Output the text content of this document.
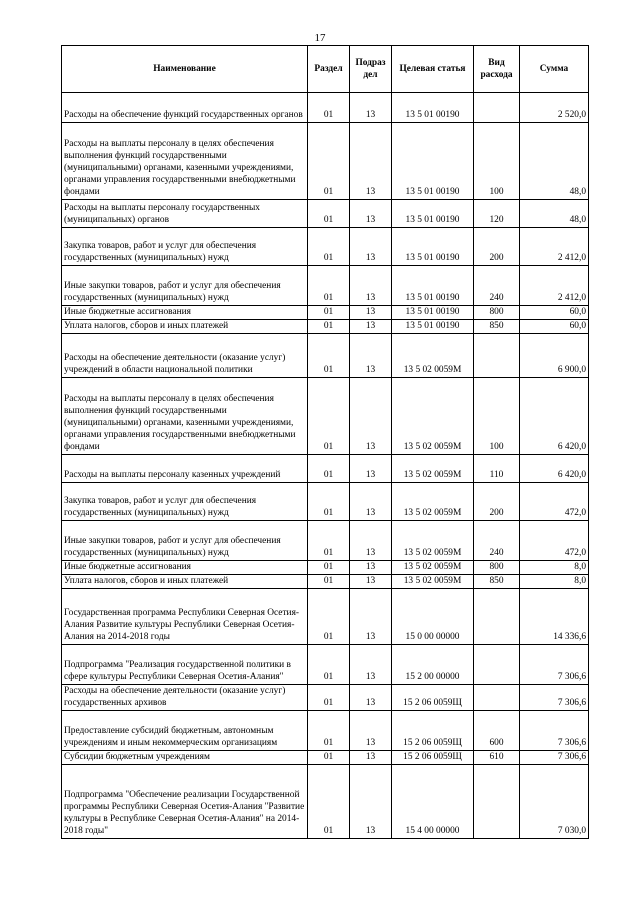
17
Наименование	Раздел	Подраз дел	Целевая статья	Вид расхода	Сумма
Расходы на обеспечение функций государственных органов	01	13	13 5 01 00190		2 520,0
Расходы на выплаты персоналу в целях обеспечения выполнения функций государственными (муниципальными) органами, казенными учреждениями, органами управления государственными внебюджетными фондами	01	13	13 5 01 00190	100	48,0
Расходы на выплаты персоналу государственных (муниципальных) органов	01	13	13 5 01 00190	120	48,0
Закупка товаров, работ и услуг для обеспечения государственных (муниципальных) нужд	01	13	13 5 01 00190	200	2 412,0
Иные закупки товаров, работ и услуг для обеспечения государственных (муниципальных) нужд	01	13	13 5 01 00190	240	2 412,0
Иные бюджетные ассигнования	01	13	13 5 01 00190	800	60,0
Уплата налогов, сборов и иных платежей	01	13	13 5 01 00190	850	60,0
Расходы на обеспечение деятельности (оказание услуг) учреждений в области национальной политики	01	13	13 5 02 0059М		6 900,0
Расходы на выплаты персоналу в целях обеспечения выполнения функций государственными (муниципальными) органами, казенными учреждениями, органами управления государственными внебюджетными фондами	01	13	13 5 02 0059М	100	6 420,0
Расходы на выплаты персоналу казенных учреждений	01	13	13 5 02 0059М	110	6 420,0
Закупка товаров, работ и услуг для обеспечения государственных (муниципальных) нужд	01	13	13 5 02 0059М	200	472,0
Иные закупки товаров, работ и услуг для обеспечения государственных (муниципальных) нужд	01	13	13 5 02 0059М	240	472,0
Иные бюджетные ассигнования	01	13	13 5 02 0059М	800	8,0
Уплата налогов, сборов и иных платежей	01	13	13 5 02 0059М	850	8,0
Государственная программа Республики Северная Осетия-Алания Развитие культуры Республики Северная Осетия-Алания на 2014-2018 годы	01	13	15 0 00 00000		14 336,6
Подпрограмма "Реализация государственной политики в сфере культуры Республики Северная Осетия-Алания"	01	13	15 2 00 00000		7 306,6
Расходы на обеспечение деятельности (оказание услуг) государственных архивов	01	13	15 2 06 0059Щ		7 306,6
Предоставление субсидий бюджетным, автономным учреждениям и иным некоммерческим организациям	01	13	15 2 06 0059Щ	600	7 306,6
Субсидии бюджетным учреждениям	01	13	15 2 06 0059Щ	610	7 306,6
Подпрограмма "Обеспечение реализации Государственной программы Республики Северная Осетия-Алания "Развитие культуры в Республике Северная Осетия-Алания" на 2014-2018 годы"	01	13	15 4 00 00000		7 030,0
